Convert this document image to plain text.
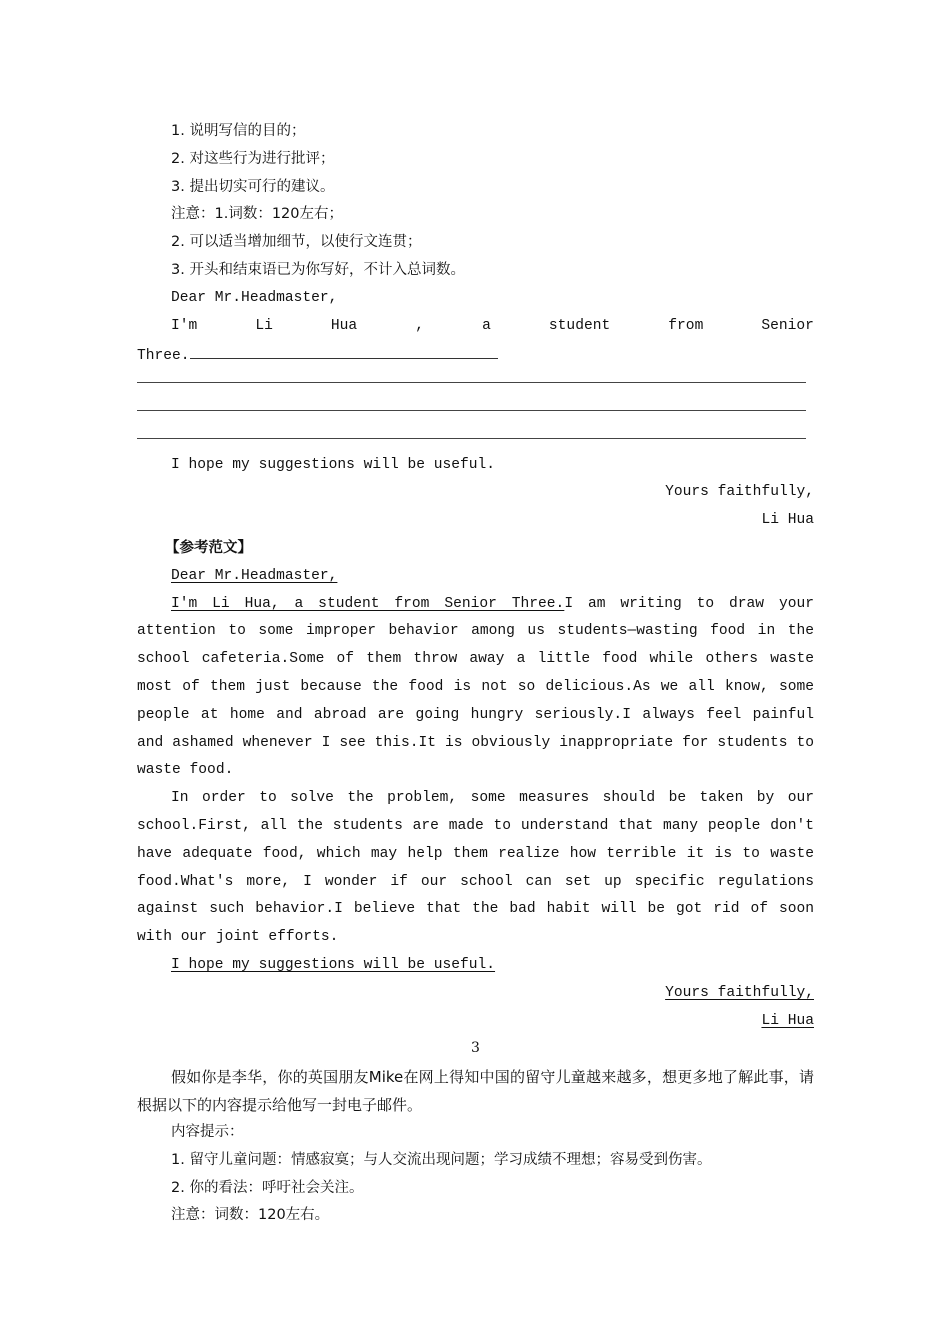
1. 说明写信的目的；
2. 对这些行为进行批评；
3. 提出切实可行的建议。
注意：1.词数：120左右；
2. 可以适当增加细节，以使行文连贯；
3. 开头和结束语已为你写好，不计入总词数。
Dear Mr.Headmaster,
I'm	Li	Hua	,	a	student	from	Senior
Three.
I hope my suggestions will be useful.
Yours faithfully,
Li Hua
【参考范文】
Dear Mr.Headmaster,
I'm Li Hua, a student from Senior Three.I am writing to draw your attention to some improper behavior among us students—wasting food in the school cafeteria.Some of them throw away a little food while others waste most of them just because the food is not so delicious.As we all know, some people at home and abroad are going hungry seriously.I always feel painful and ashamed whenever I see this.It is obviously inappropriate for students to waste food.
In order to solve the problem, some measures should be taken by our school.First, all the students are made to understand that many people don't have adequate food, which may help them realize how terrible it is to waste food.What's more, I wonder if our school can set up specific regulations against such behavior.I believe that the bad habit will be got rid of soon with our joint efforts.
I hope my suggestions will be useful.
Yours faithfully,
Li Hua
3
假如你是李华，你的英国朋友Mike在网上得知中国的留守儿童越来越多，想更多地了解此事，请根据以下的内容提示给他写一封电子邮件。
内容提示：
1. 留守儿童问题：情感寂寞；与人交流出现问题；学习成绩不理想；容易受到伤害。
2. 你的看法：呼吁社会关注。
注意：词数：120左右。
